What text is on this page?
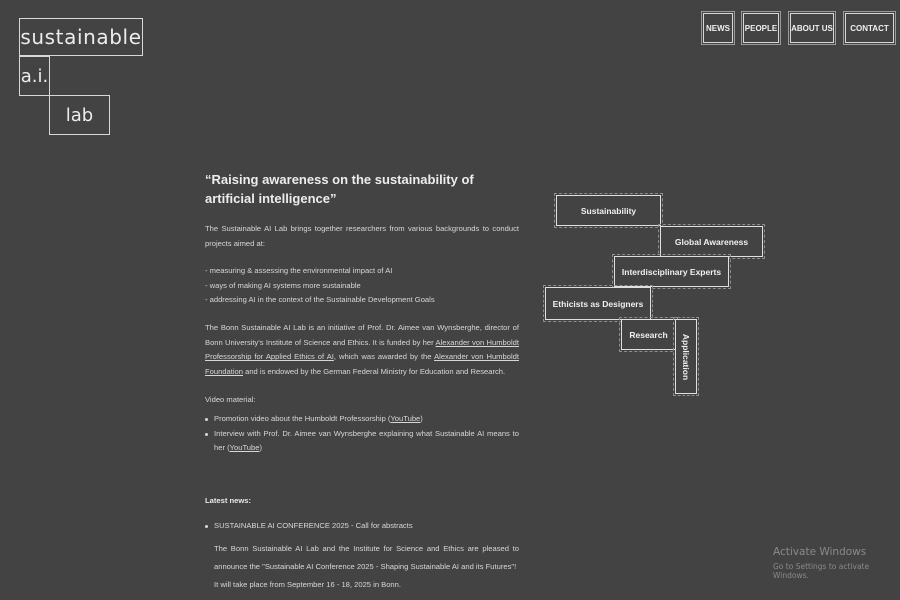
sustainable
a.i.
lab
NEWS	PEOPLE ABOUT US	CONTACT
“Raising awareness on the sustainability of artificial intelligence”

The Sustainable AI Lab brings together researchers from various backgrounds to conduct projects aimed at:

- measuring & assessing the environmental impact of AI

- ways of making AI systems more sustainable

- addressing AI in the context of the Sustainable Development Goals

The Bonn Sustainable AI Lab is an initiative of Prof. Dr. Aimee van Wynsberghe, director of Bonn University's Institute of Science and Ethics. It is funded by her Alexander von Humboldt Professorship for Applied Ethics of AI, which was awarded by the Alexander von Humboldt Foundation and is endowed by the German Federal Ministry for Education and Research.

Video material:

Promotion video about the Humboldt Professorship (YouTube)
Interview with Prof. Dr. Aimee van Wynsberghe explaining what Sustainable AI means to her (YouTube)

Latest news:

SUSTAINABLE AI CONFERENCE 2025 - Call for abstracts

The Bonn Sustainable AI Lab and the Institute for Science and Ethics are pleased to announce the "Sustainable AI Conference 2025 - Shaping Sustainable AI and its Futures"!

It will take place from September 16 - 18, 2025 in Bonn.

Sustainability
Global Awareness
Interdisciplinary Experts
Ethicists as Designers
Research	Application
Activate Windows
Go to Settings to activate Windows.
